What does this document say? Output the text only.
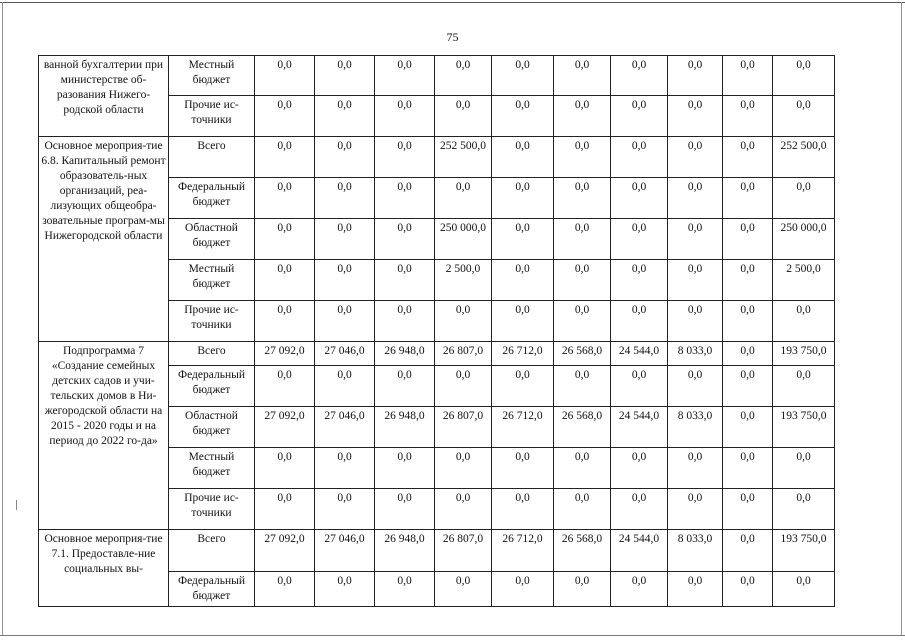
75
ванной бухгалтерии при министерстве об-разования Нижего-родской области	Местный бюджет	0,0	0,0	0,0	0,0	0,0	0,0	0,0	0,0	0,0	0,0
	Прочие ис-точники	0,0	0,0	0,0	0,0	0,0	0,0	0,0	0,0	0,0	0,0
Основное мероприя-тие 6.8. Капитальный ремонт образователь-ных организаций, реа-лизующих общеобра-зовательные програм-мы Нижегородской области	Всего	0,0	0,0	0,0	252 500,0	0,0	0,0	0,0	0,0	0,0	252 500,0
	Федеральный бюджет	0,0	0,0	0,0	0,0	0,0	0,0	0,0	0,0	0,0	0,0
	Областной бюджет	0,0	0,0	0,0	250 000,0	0,0	0,0	0,0	0,0	0,0	250 000,0
	Местный бюджет	0,0	0,0	0,0	2 500,0	0,0	0,0	0,0	0,0	0,0	2 500,0
	Прочие ис-точники	0,0	0,0	0,0	0,0	0,0	0,0	0,0	0,0	0,0	0,0
Подпрограмма 7 «Создание семейных детских садов и учи-тельских домов в Ни-жегородской области на 2015 - 2020 годы и на период до 2022 го-да»	Всего	27 092,0	27 046,0	26 948,0	26 807,0	26 712,0	26 568,0	24 544,0	8 033,0	0,0	193 750,0
	Федеральный бюджет	0,0	0,0	0,0	0,0	0,0	0,0	0,0	0,0	0,0	0,0
	Областной бюджет	27 092,0	27 046,0	26 948,0	26 807,0	26 712,0	26 568,0	24 544,0	8 033,0	0,0	193 750,0
	Местный бюджет	0,0	0,0	0,0	0,0	0,0	0,0	0,0	0,0	0,0	0,0
	Прочие ис-точники	0,0	0,0	0,0	0,0	0,0	0,0	0,0	0,0	0,0	0,0
Основное мероприя-тие 7.1. Предоставле-ние социальных вы-	Всего	27 092,0	27 046,0	26 948,0	26 807,0	26 712,0	26 568,0	24 544,0	8 033,0	0,0	193 750,0
	Федеральный бюджет	0,0	0,0	0,0	0,0	0,0	0,0	0,0	0,0	0,0	0,0
